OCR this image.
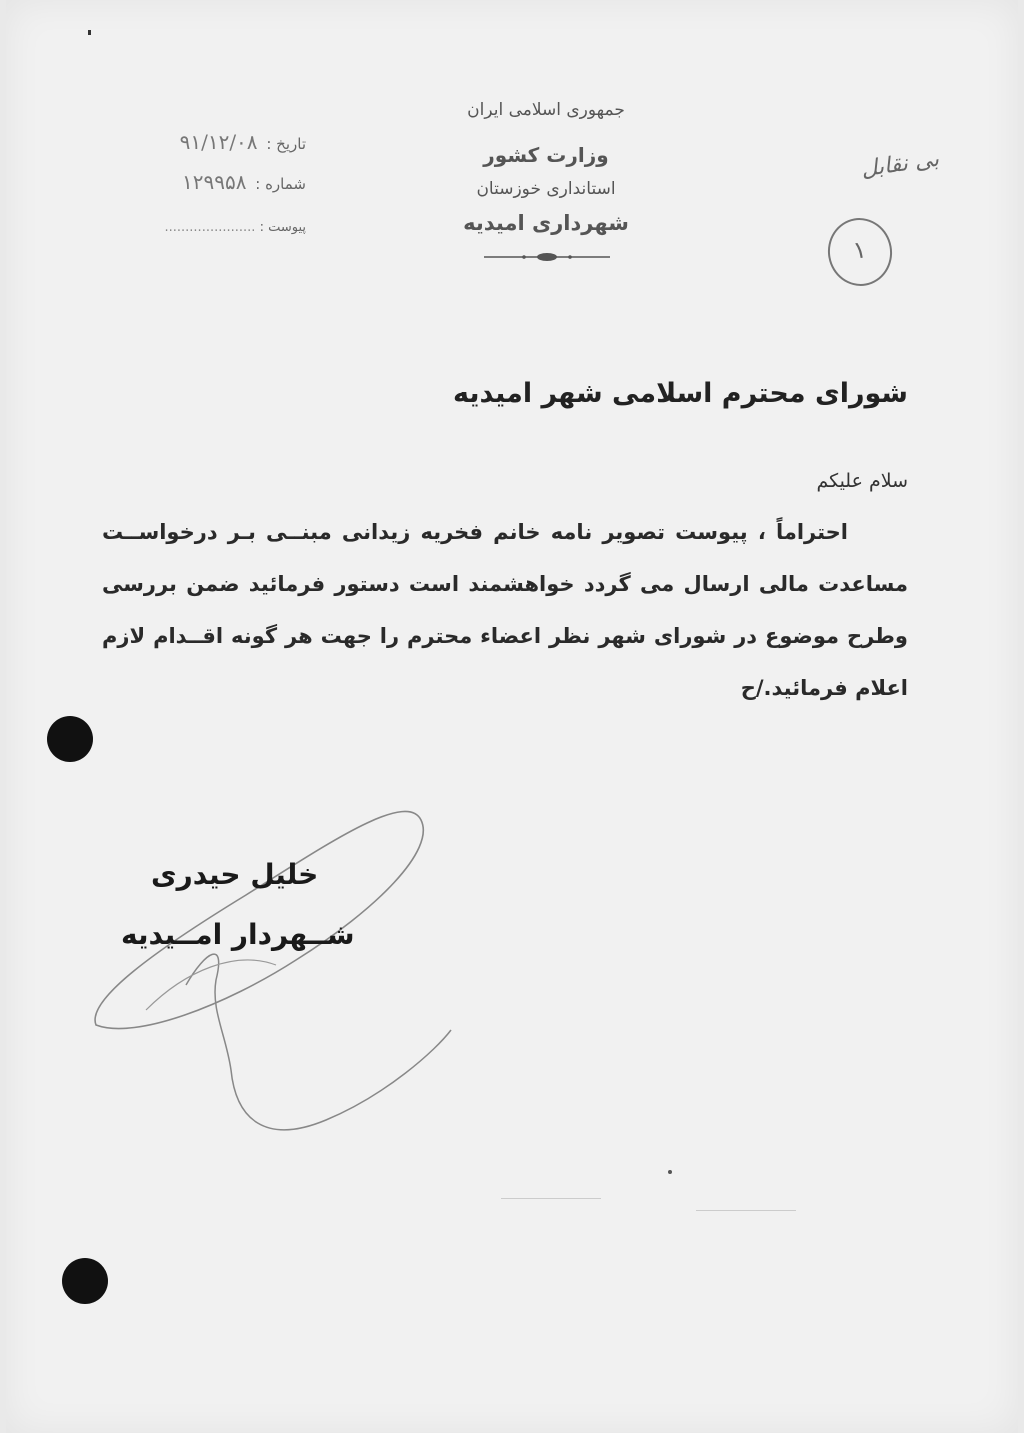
جمهوری اسلامی ایران
وزارت کشور
استانداری خوزستان
شهرداری امیدیه
تاریخ : ۹۱/۱۲/۰۸
شماره : ۱۲۹۹۵۸
پیوست : ......................
بی نقابل
۱
شورای محترم اسلامی شهر امیدیه
سلام علیکم
احتراماً ، پیوست تصویر نامه خانم فخریه زیدانی مبنــی بـر درخواســت مساعدت مالی ارسال می گردد خواهشمند است دستور فرمائید ضمن بررسی وطرح موضوع در شورای شهر نظر اعضاء محترم را جهت هر گونه اقــدام لازم اعلام فرمائید./ح
خلیل حیدری
شــهردار امــیدیه
